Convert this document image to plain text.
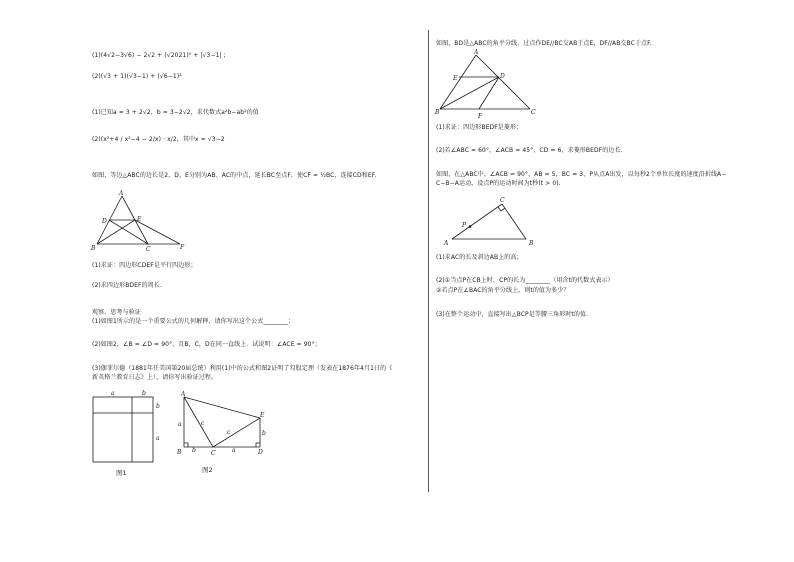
(1)(4√2−3√6) − 2√2 + (√2021)⁰ + |√3−1| ;
(2)(√3 + 1)(√3−1) + (√6−1)²
(1)已知a = 3 + 2√2，b = 3−2√2，求代数式a²b−ab²的值
(2)(x²+4 / x²−4 − 2/x) · x/2，其中x = √3−2
如图，等边△ABC的边长是2，D、E分别为AB、AC的中点，延长BC至点F，使CF = ½BC，连接CD和EF.
A
D	E
B	C	F
(1)求证：四边形CDEF是平行四边形；
(2)求四边形BDEF的周长.
观察、思考与验证
(1)如图1所示的是一个重要公式的几何解释，请你写出这个公式________；
(2)如图2，∠B = ∠D = 90°，且B，C，D在同一直线上．试说明：∠ACE = 90°；
(3)伽菲尔德（1881年任美国第20届总统）利用(1)中的公式和图2证明了勾股定理（发表在1876年4月1日的《
新英格兰教育日志》上），请你写出验证过程。
a	b
b
a
图1
A
E
B	C	D
a
b	a
b
c
c
图2
如图，BD是△ABC的角平分线，过点作DE//BC交AB于点E，DF//AB交BC于点F.
A
E	D
B
F
C
(1)求证：四边形BEDF是菱形；
(2)若∠ABC = 60°，∠ACB = 45°，CD = 6，求菱形BEDF的边长.
如图，在△ABC中，∠ACB = 90°，AB = 5，BC = 3，P从点A出发，以每秒2个单位长度的速度沿折线A−
C−B−A运动，设点P的运动时间为t秒(t > 0).
C
P
A	B
(1)求AC的长及斜边AB上的高；
(2)①当点P在CB上时，CP的长为________（用含t的代数式表示）
②若点P在∠BAC的角平分线上，则t的值为多少？
(3)在整个运动中，直接写出△BCP是等腰三角形时t的值.
